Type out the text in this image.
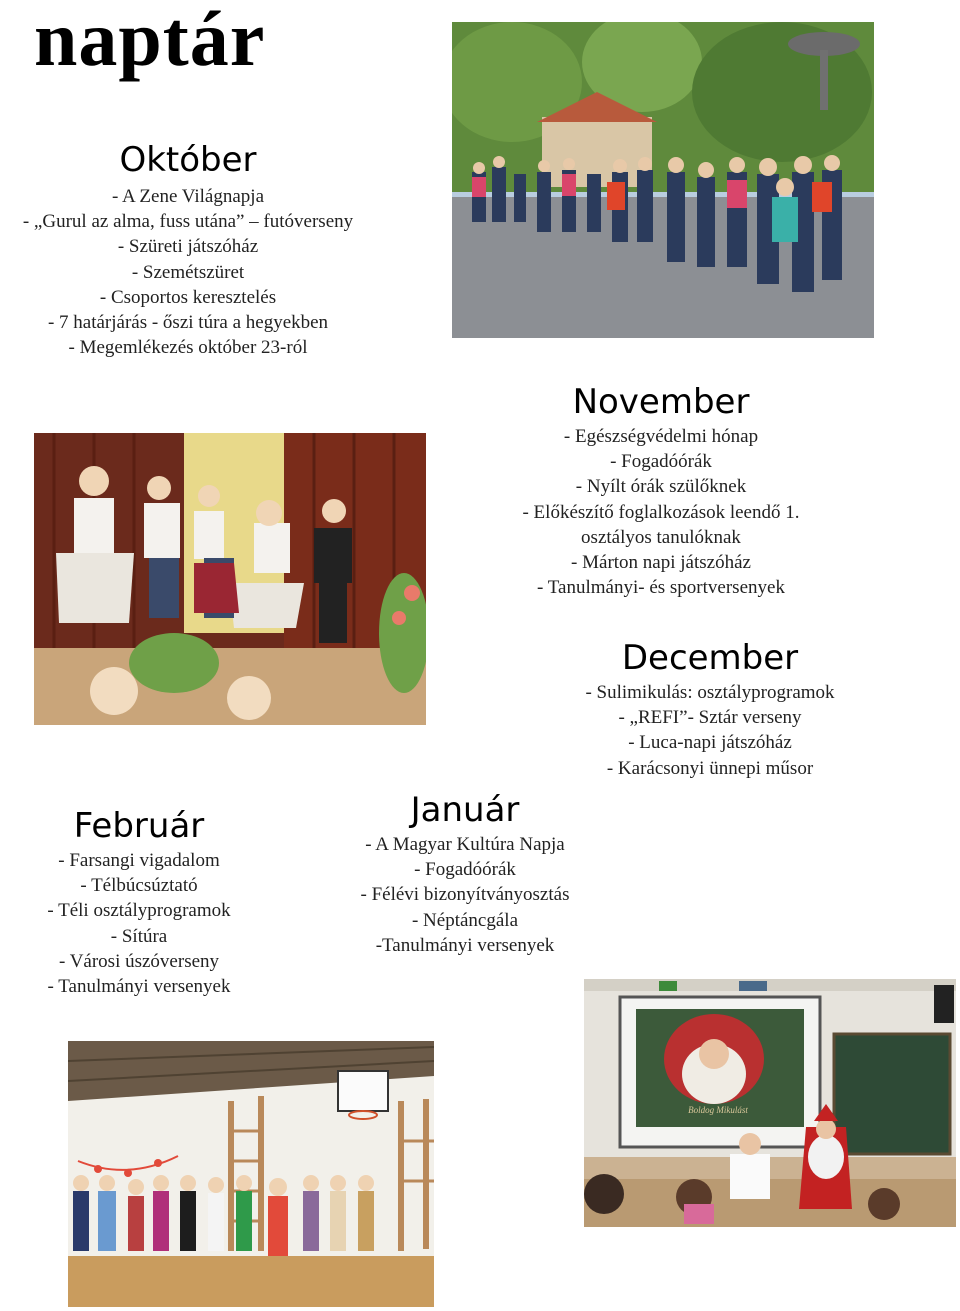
naptár
Október
- A Zene Világnapja
- „Gurul az alma, fuss utána” – futóverseny
- Szüreti játszóház
- Szemétszüret
- Csoportos keresztelés
- 7 határjárás - őszi túra a hegyekben
- Megemlékezés október 23-ról
November
- Egészségvédelmi hónap
- Fogadóórák
- Nyílt órák szülőknek
- Előkészítő foglalkozások leendő 1.
osztályos tanulóknak
- Márton napi játszóház
- Tanulmányi- és sportversenyek
December
- Sulimikulás: osztályprogramok
- „REFI”- Sztár verseny
- Luca-napi játszóház
- Karácsonyi ünnepi műsor
Február
- Farsangi vigadalom
- Télbúcsúztató
- Téli osztályprogramok
- Sítúra
- Városi úszóverseny
- Tanulmányi versenyek
Január
- A Magyar Kultúra Napja
- Fogadóórák
- Félévi bizonyítványosztás
- Néptáncgála
-Tanulmányi versenyek
Boldog Mikulást
